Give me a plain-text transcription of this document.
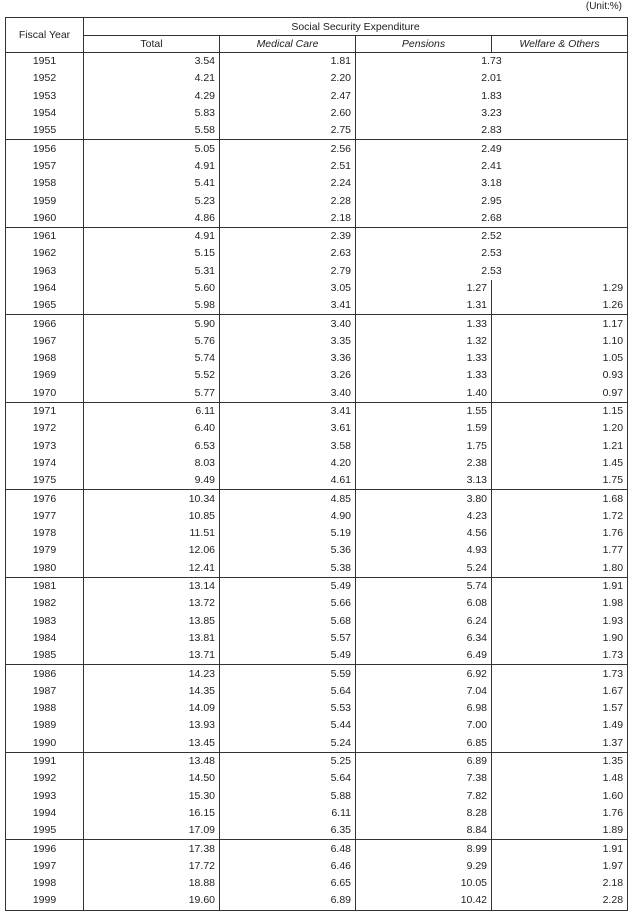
(Unit:%)
Fiscal Year	Social Security Expenditure			
	Total	Medical Care	Pensions	Welfare & Others
1951	3.54	1.81	1.73	
1952	4.21	2.20	2.01	
1953	4.29	2.47	1.83	
1954	5.83	2.60	3.23	
1955	5.58	2.75	2.83	
1956	5.05	2.56	2.49	
1957	4.91	2.51	2.41	
1958	5.41	2.24	3.18	
1959	5.23	2.28	2.95	
1960	4.86	2.18	2.68	
1961	4.91	2.39	2.52	
1962	5.15	2.63	2.53	
1963	5.31	2.79	2.53	
1964	5.60	3.05	1.27	1.29
1965	5.98	3.41	1.31	1.26
1966	5.90	3.40	1.33	1.17
1967	5.76	3.35	1.32	1.10
1968	5.74	3.36	1.33	1.05
1969	5.52	3.26	1.33	0.93
1970	5.77	3.40	1.40	0.97
1971	6.11	3.41	1.55	1.15
1972	6.40	3.61	1.59	1.20
1973	6.53	3.58	1.75	1.21
1974	8.03	4.20	2.38	1.45
1975	9.49	4.61	3.13	1.75
1976	10.34	4.85	3.80	1.68
1977	10.85	4.90	4.23	1.72
1978	11.51	5.19	4.56	1.76
1979	12.06	5.36	4.93	1.77
1980	12.41	5.38	5.24	1.80
1981	13.14	5.49	5.74	1.91
1982	13.72	5.66	6.08	1.98
1983	13.85	5.68	6.24	1.93
1984	13.81	5.57	6.34	1.90
1985	13.71	5.49	6.49	1.73
1986	14.23	5.59	6.92	1.73
1987	14.35	5.64	7.04	1.67
1988	14.09	5.53	6.98	1.57
1989	13.93	5.44	7.00	1.49
1990	13.45	5.24	6.85	1.37
1991	13.48	5.25	6.89	1.35
1992	14.50	5.64	7.38	1.48
1993	15.30	5.88	7.82	1.60
1994	16.15	6.11	8.28	1.76
1995	17.09	6.35	8.84	1.89
1996	17.38	6.48	8.99	1.91
1997	17.72	6.46	9.29	1.97
1998	18.88	6.65	10.05	2.18
1999	19.60	6.89	10.42	2.28
